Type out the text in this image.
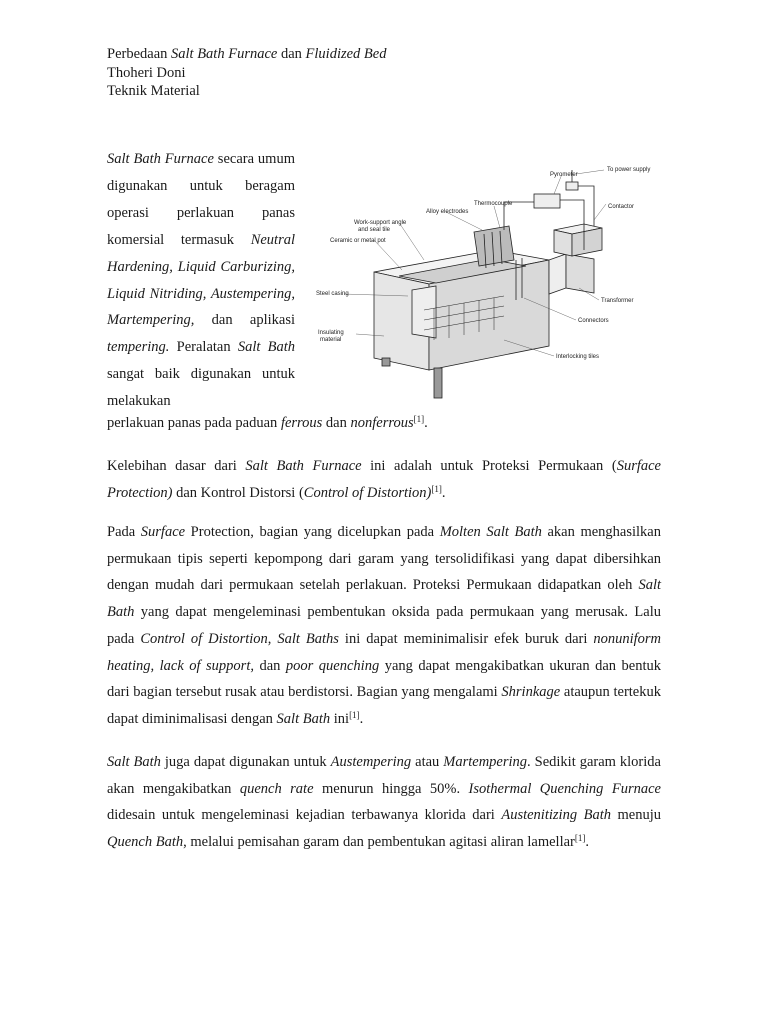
Perbedaan Salt Bath Furnace dan Fluidized Bed
Thoheri Doni
Teknik Material

Salt Bath Furnace secara umum digunakan untuk beragam operasi perlakuan panas komersial termasuk Neutral Hardening, Liquid Carburizing, Liquid Nitriding, Austempering, Martempering, dan aplikasi tempering. Peralatan Salt Bath sangat baik digunakan untuk melakukan

perlakuan panas pada paduan ferrous dan nonferrous[1].
To power supply
Pyrometer
Thermocouple
Alloy electrodes
Work-support angle
and seal tile
Ceramic or metal pot
Contactor
Steel casing
Transformer
Connectors
Insulating
material
Interlocking tiles

Kelebihan dasar dari Salt Bath Furnace ini adalah untuk Proteksi Permukaan (Surface Protection) dan Kontrol Distorsi (Control of Distortion)[1].

Pada Surface Protection, bagian yang dicelupkan pada Molten Salt Bath akan menghasilkan permukaan tipis seperti kepompong dari garam yang tersolidifikasi yang dapat dibersihkan dengan mudah dari permukaan setelah perlakuan. Proteksi Permukaan didapatkan oleh Salt Bath yang dapat mengeleminasi pembentukan oksida pada permukaan yang merusak. Lalu pada Control of Distortion, Salt Baths ini dapat meminimalisir efek buruk dari nonuniform heating, lack of support, dan poor quenching yang dapat mengakibatkan ukuran dan bentuk dari bagian tersebut rusak atau berdistorsi. Bagian yang mengalami Shrinkage ataupun tertekuk dapat diminimalisasi dengan Salt Bath ini[1].

Salt Bath juga dapat digunakan untuk Austempering atau Martempering. Sedikit garam klorida akan mengakibatkan quench rate menurun hingga 50%. Isothermal Quenching Furnace didesain untuk mengeleminasi kejadian terbawanya klorida dari Austenitizing Bath menuju Quench Bath, melalui pemisahan garam dan pembentukan agitasi aliran lamellar[1].
